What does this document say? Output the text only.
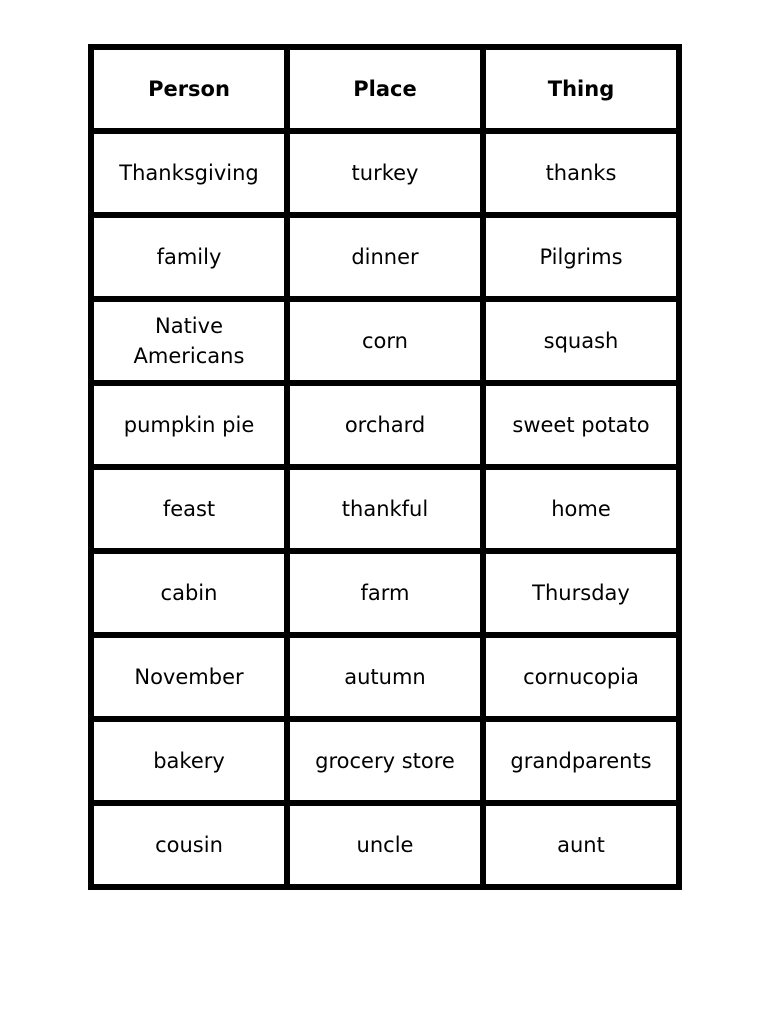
Person	Place	Thing
Thanksgiving	turkey	thanks
family	dinner	Pilgrims
Native Americans	corn	squash
pumpkin pie	orchard	sweet potato
feast	thankful	home
cabin	farm	Thursday
November	autumn	cornucopia
bakery	grocery store	grandparents
cousin	uncle	aunt
